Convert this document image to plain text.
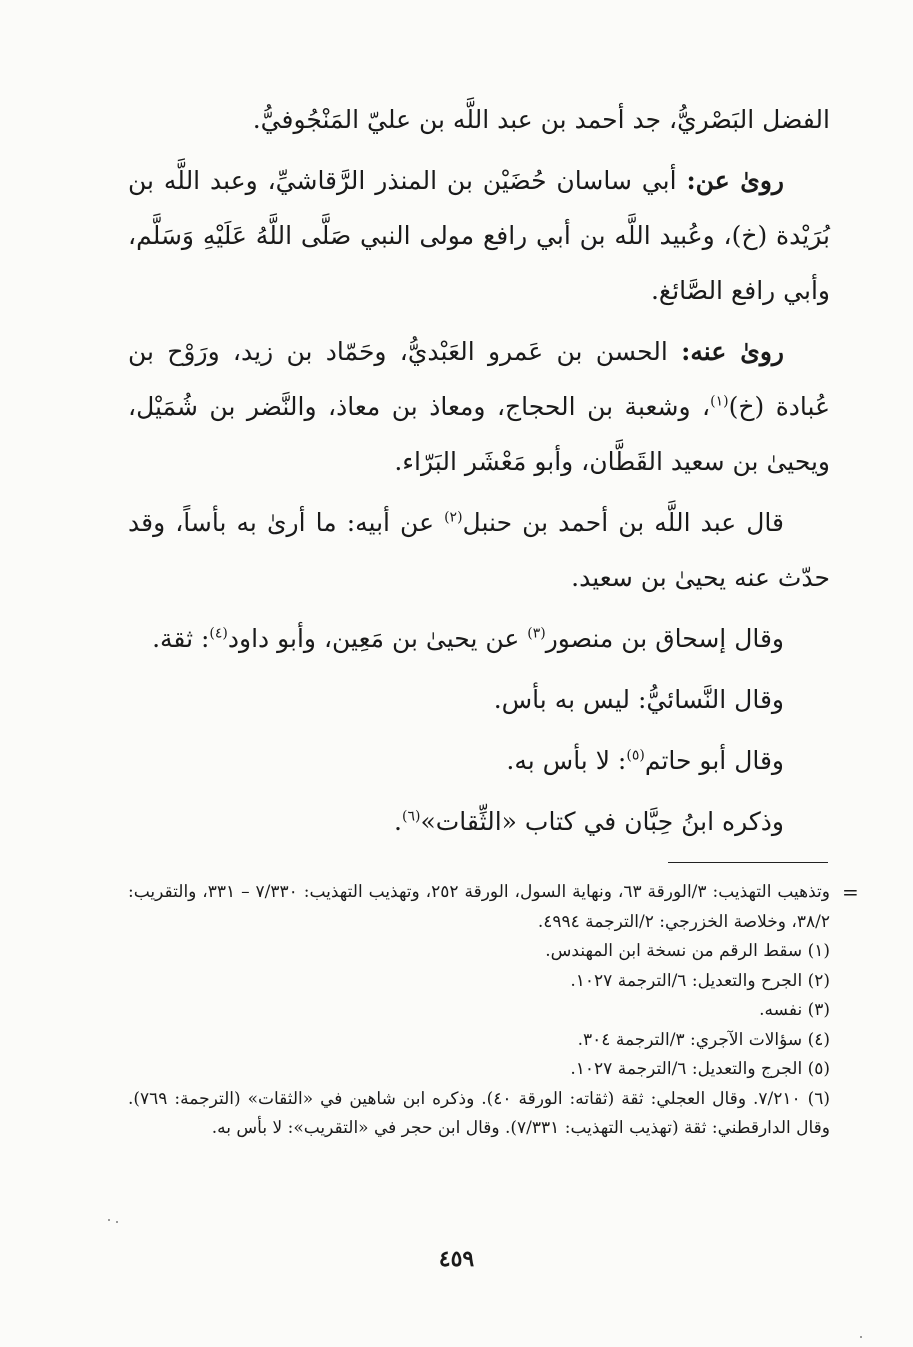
الفضل البَصْريُّ، جد أحمد بن عبد اللَّه بن عليّ المَنْجُوفيُّ.

روىٰ عن: أبي ساسان حُضَيْن بن المنذر الرَّقاشيِّ، وعبد اللَّه بن بُرَيْدة (خ)، وعُبيد اللَّه بن أبي رافع مولى النبي صَلَّى اللَّهُ عَلَيْهِ وَسَلَّم، وأبي رافع الصَّائغ.

روىٰ عنه: الحسن بن عَمرو العَبْديُّ، وحَمّاد بن زيد، ورَوْح بن عُبادة (خ)$^{(١)}$، وشعبة بن الحجاج، ومعاذ بن معاذ، والنَّضر بن شُمَيْل، ويحيىٰ بن سعيد القَطَّان، وأبو مَعْشَر البَرّاء.

قال عبد اللَّه بن أحمد بن حنبل$^{(٢)}$ عن أبيه: ما أرىٰ به بأساً، وقد حدّث عنه يحيىٰ بن سعيد.

وقال إسحاق بن منصور$^{(٣)}$ عن يحيىٰ بن مَعِين، وأبو داود$^{(٤)}$: ثقة.

وقال النَّسائيُّ: ليس به بأس.

وقال أبو حاتم$^{(٥)}$: لا بأس به.

وذكره ابنُ حِبَّان في كتاب «الثِّقات»$^{(٦)}$.

=

وتذهيب التهذيب: ٣/الورقة ٦٣، ونهاية السول، الورقة ٢٥٢، وتهذيب التهذيب: ٧/٣٣٠ – ٣٣١، والتقريب: ٣٨/٢، وخلاصة الخزرجي: ٢/الترجمة ٤٩٩٤.

(١) سقط الرقم من نسخة ابن المهندس.

(٢) الجرح والتعديل: ٦/الترجمة ١٠٢٧.

(٣) نفسه.

(٤) سؤالات الآجري: ٣/الترجمة ٣٠٤.

(٥) الجرج والتعديل: ٦/الترجمة ١٠٢٧.

(٦) ٧/٢١٠. وقال العجلي: ثقة (ثقاته: الورقة ٤٠). وذكره ابن شاهين في «الثقات» (الترجمة: ٧٦٩). وقال الدارقطني: ثقة (تهذيب التهذيب: ٧/٣٣١). وقال ابن حجر في «التقريب»: لا بأس به.

٤٥٩
